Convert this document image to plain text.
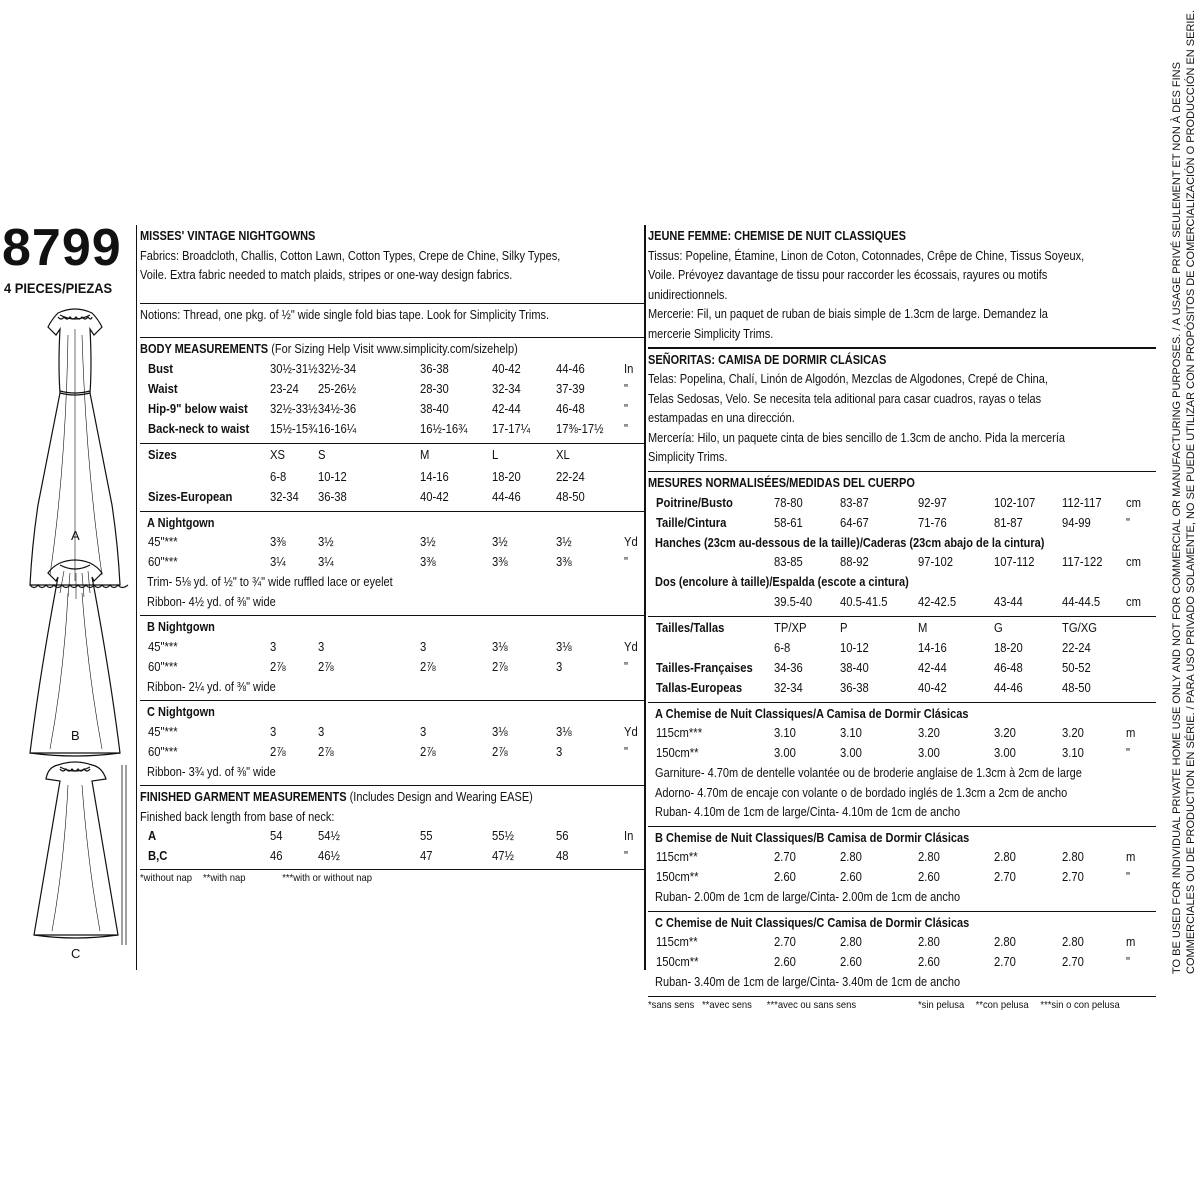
8799
4 PIECES/PIEZAS
A
B
C
MISSES' VINTAGE NIGHTGOWNS
Fabrics: Broadcloth, Challis, Cotton Lawn, Cotton Types, Crepe de Chine, Silky Types,
Voile. Extra fabric needed to match plaids, stripes or one-way design fabrics.
Notions: Thread, one pkg. of ½" wide single fold bias tape. Look for Simplicity Trims.
BODY MEASUREMENTS (For Sizing Help Visit www.simplicity.com/sizehelp)
Bust	30½-31½ 32½-34	36-38	40-42	44-46	In
Waist	23-24 25-26½	28-30	32-34	37-39	"
Hip-9" below waist 32½-33½ 34½-36	38-40	42-44	46-48	"
Back-neck to waist 15½-15¾ 16-16¼	16½-16¾ 17-17¼ 17⅜-17½ "
Sizes	XS	S	M	L	XL
6-8	10-12	14-16	18-20	22-24
Sizes-European	32-34 36-38	40-42	44-46	48-50
A Nightgown
45"***	3⅜	3½	3½	3½	3½	Yd
60"***	3¼	3¼	3⅜	3⅜	3⅜	"
Trim- 5⅛ yd. of ½" to ¾" wide ruffled lace or eyelet
Ribbon- 4½ yd. of ⅜" wide
B Nightgown
45"***	3	3	3	3⅛	3⅛	Yd
60"***	2⅞	2⅞	2⅞	2⅞	3	"
Ribbon- 2¼ yd. of ⅜" wide
C Nightgown
45"***	3	3	3	3⅛	3⅛	Yd
60"***	2⅞	2⅞	2⅞	2⅞	3	"
Ribbon- 3¾ yd. of ⅜" wide
FINISHED GARMENT MEASUREMENTS (Includes Design and Wearing EASE)
Finished back length from base of neck:
A	54	54½	55	55½	56	In
B,C	46	46½	47	47½	48	"
*without nap **with nap	***with or without nap
JEUNE FEMME: CHEMISE DE NUIT CLASSIQUES
Tissus: Popeline, Étamine, Linon de Coton, Cotonnades, Crêpe de Chine, Tissus Soyeux,
Voile. Prévoyez davantage de tissu pour raccorder les écossais, rayures ou motifs
unidirectionnels.
Mercerie: Fil, un paquet de ruban de biais simple de 1.3cm de large. Demandez la
mercerie Simplicity Trims.
SEÑORITAS: CAMISA DE DORMIR CLÁSICAS
Telas: Popelina, Chalí, Linón de Algodón, Mezclas de Algodones, Crepé de China,
Telas Sedosas, Velo. Se necesita tela aditional para casar cuadros, rayas o telas
estampadas en una dirección.
Mercería: Hilo, un paquete cinta de bies sencillo de 1.3cm de ancho. Pida la mercería
Simplicity Trims.
MESURES NORMALISÉES/MEDIDAS DEL CUERPO
Poitrine/Busto	78-80	83-87	92-97	102-107 112-117 cm
Taille/Cintura	58-61	64-67	71-76	81-87	94-99	"
Hanches (23cm au-dessous de la taille)/Caderas (23cm abajo de la cintura)
83-85	88-92	97-102	107-112 117-122 cm
Dos (encolure à taille)/Espalda (escote a cintura)
39.5-40 40.5-41.5 42-42.5	43-44	44-44.5 cm
Tailles/Tallas	TP/XP	P	M	G	TG/XG
6-8	10-12	14-16	18-20	22-24
Tailles-Françaises 34-36	38-40	42-44	46-48	50-52
Tallas-Europeas	32-34	36-38	40-42	44-46	48-50
A Chemise de Nuit Classiques/A Camisa de Dormir Clásicas
115cm***	3.10	3.10	3.20	3.20	3.20	m
150cm**	3.00	3.00	3.00	3.00	3.10	"
Garniture- 4.70m de dentelle volantée ou de broderie anglaise de 1.3cm à 2cm de large
Adorno- 4.70m de encaje con volante o de bordado inglés de 1.3cm a 2cm de ancho
Ruban- 4.10m de 1cm de large/Cinta- 4.10m de 1cm de ancho
B Chemise de Nuit Classiques/B Camisa de Dormir Clásicas
115cm**	2.70	2.80	2.80	2.80	2.80	m
150cm**	2.60	2.60	2.60	2.70	2.70	"
Ruban- 2.00m de 1cm de large/Cinta- 2.00m de 1cm de ancho
C Chemise de Nuit Classiques/C Camisa de Dormir Clásicas
115cm**	2.70	2.80	2.80	2.80	2.80	m
150cm**	2.60	2.60	2.60	2.70	2.70	"
Ruban- 3.40m de 1cm de large/Cinta- 3.40m de 1cm de ancho
*sans sens **avec sens ***avec ou sans sens	*sin pelusa **con pelusa ***sin o con pelusa

TO BE USED FOR INDIVIDUAL PRIVATE HOME USE ONLY AND NOT FOR COMMERCIAL OR MANUFACTURING PURPOSES. / A USAGE PRIVÉ SEULEMENT ET NON À DES FINS COMMERCIALES OU DE PRODUCTION EN SÉRIE. / PARA USO PRIVADO SOLAMENTE, NO SE PUEDE UTILIZAR CON PROPÓSITOS DE COMERCIALIZACIÓN O PRODUCCIÓN EN SERIE.
